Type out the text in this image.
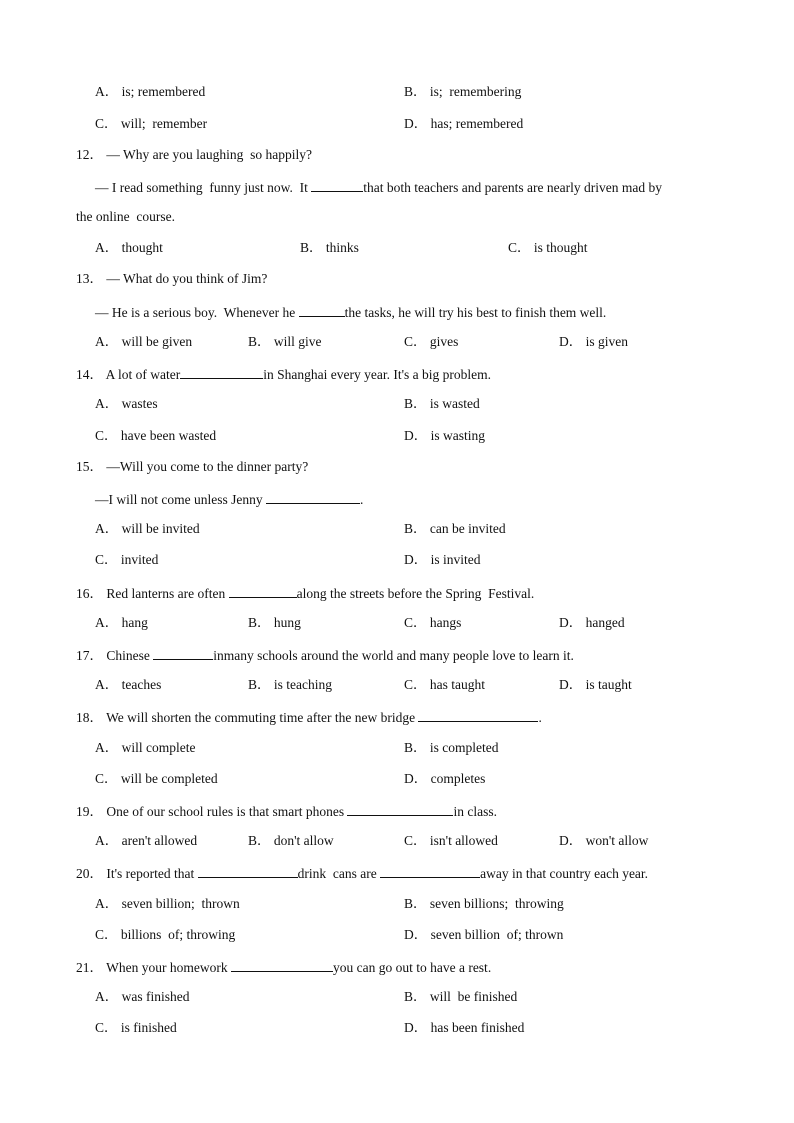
A． is; remembered	B． is;  remembering
C． will;  remember	D． has; remembered
12． — Why are you laughing  so happily?
— I read something  funny just now.  It	that both teachers and parents are nearly driven mad by
the online  course.
A． thought	B． thinks	C． is thought
13． — What do you think of Jim?
— He is a serious boy.  Whenever he	the tasks, he will try his best to finish them well.
A． will be given	B． will give	C． gives	D． is given
14． A lot of water	in Shanghai every year. It's a big problem.
A． wastes	B． is wasted
C． have been wasted	D． is wasting
15． —Will you come to the dinner party?
—I will not come unless Jenny	.
A． will be invited	B． can be invited
C． invited	D． is invited
16． Red lanterns are often	along the streets before the Spring  Festival.
A． hang	B． hung	C． hangs	D． hanged
17． Chinese	inmany schools around the world and many people love to learn it.
A． teaches	B． is teaching	C． has taught	D． is taught
18． We will shorten the commuting time after the new bridge	.
A． will complete	B． is completed
C． will be completed	D． completes
19． One of our school rules is that smart phones	in class.
A． aren't allowed	B． don't allow	C． isn't allowed	D． won't allow
20． It's reported that	drink  cans are	away in that country each year.
A． seven billion;  thrown	B． seven billions;  throwing
C． billions  of; throwing	D． seven billion  of; thrown
21． When your homework	you can go out to have a rest.
A． was finished	B． will  be finished
C． is finished	D． has been finished
